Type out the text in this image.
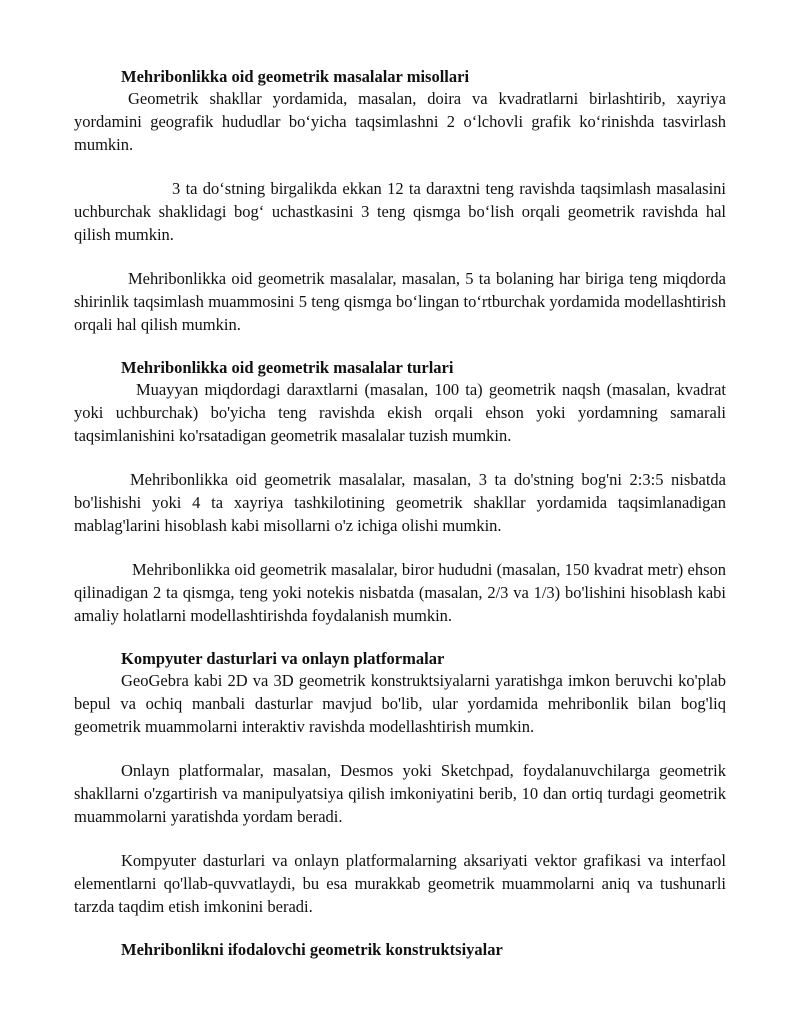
Mehribonlikka oid geometrik masalalar misollari

Geometrik shakllar yordamida, masalan, doira va kvadratlarni birlashtirib, xayriya yordamini geografik hududlar bo‘yicha taqsimlashni 2 o‘lchovli grafik ko‘rinishda tasvirlash mumkin.

3 ta do‘stning birgalikda ekkan 12 ta daraxtni teng ravishda taqsimlash masalasini uchburchak shaklidagi bog‘ uchastkasini 3 teng qismga bo‘lish orqali geometrik ravishda hal qilish mumkin.

Mehribonlikka oid geometrik masalalar, masalan, 5 ta bolaning har biriga teng miqdorda shirinlik taqsimlash muammosini 5 teng qismga bo‘lingan to‘rtburchak yordamida modellashtirish orqali hal qilish mumkin.

Mehribonlikka oid geometrik masalalar turlari

Muayyan miqdordagi daraxtlarni (masalan, 100 ta) geometrik naqsh (masalan, kvadrat yoki uchburchak) bo'yicha teng ravishda ekish orqali ehson yoki yordamning samarali taqsimlanishini ko'rsatadigan geometrik masalalar tuzish mumkin.

Mehribonlikka oid geometrik masalalar, masalan, 3 ta do'stning bog'ni 2:3:5 nisbatda bo'lishishi yoki 4 ta xayriya tashkilotining geometrik shakllar yordamida taqsimlanadigan mablag'larini hisoblash kabi misollarni o'z ichiga olishi mumkin.

Mehribonlikka oid geometrik masalalar, biror hududni (masalan, 150 kvadrat metr) ehson qilinadigan 2 ta qismga, teng yoki notekis nisbatda (masalan, 2/3 va 1/3) bo'lishini hisoblash kabi amaliy holatlarni modellashtirishda foydalanish mumkin.

Kompyuter dasturlari va onlayn platformalar

GeoGebra kabi 2D va 3D geometrik konstruktsiyalarni yaratishga imkon beruvchi ko'plab bepul va ochiq manbali dasturlar mavjud bo'lib, ular yordamida mehribonlik bilan bog'liq geometrik muammolarni interaktiv ravishda modellashtirish mumkin.

Onlayn platformalar, masalan, Desmos yoki Sketchpad, foydalanuvchilarga geometrik shakllarni o'zgartirish va manipulyatsiya qilish imkoniyatini berib, 10 dan ortiq turdagi geometrik muammolarni yaratishda yordam beradi.

Kompyuter dasturlari va onlayn platformalarning aksariyati vektor grafikasi va interfaol elementlarni qo'llab-quvvatlaydi, bu esa murakkab geometrik muammolarni aniq va tushunarli tarzda taqdim etish imkonini beradi.

Mehribonlikni ifodalovchi geometrik konstruktsiyalar
